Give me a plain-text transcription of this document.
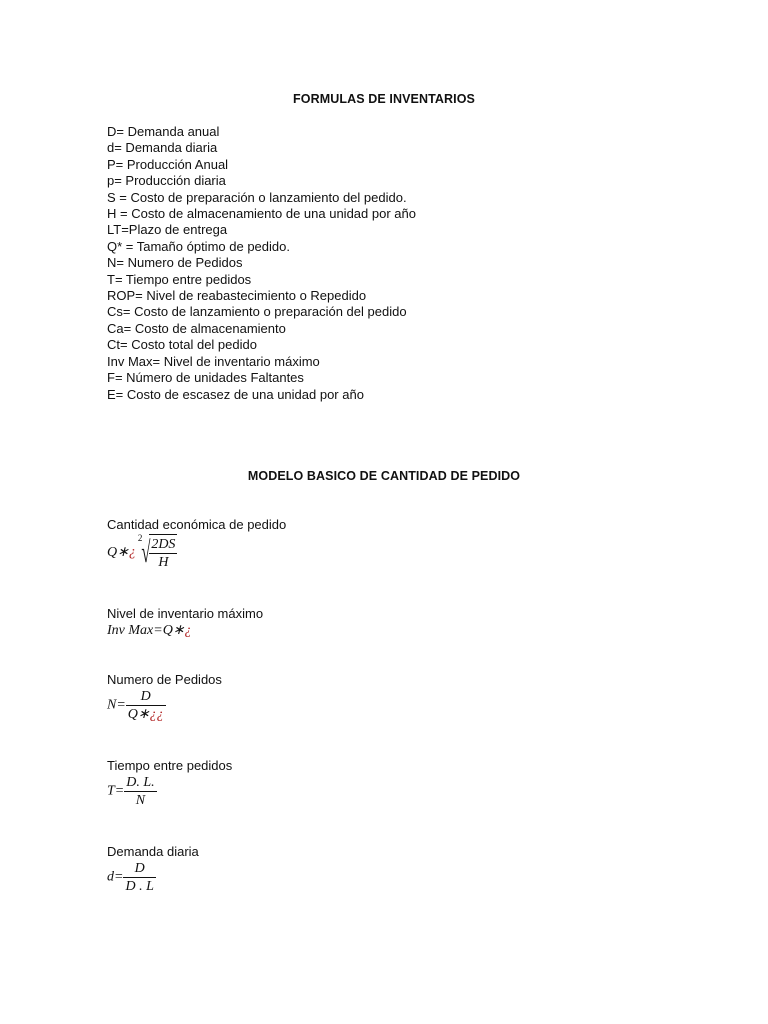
FORMULAS DE INVENTARIOS
D= Demanda anual
d= Demanda diaria
P= Producción Anual
p= Producción diaria
S = Costo de preparación o lanzamiento del pedido.
H = Costo de almacenamiento de una unidad por año
LT=Plazo de entrega
Q* = Tamaño óptimo de pedido.
N= Numero de Pedidos
T= Tiempo entre pedidos
ROP= Nivel de reabastecimiento o Repedido
Cs= Costo de lanzamiento o preparación del pedido
Ca= Costo de almacenamiento
Ct= Costo total del pedido
Inv Max= Nivel de inventario máximo
F= Número de unidades Faltantes
E= Costo de escasez de una unidad por año
MODELO BASICO DE CANTIDAD DE PEDIDO
Cantidad económica de pedido
Q∗¿
2
√ $\frac{2DS}{H}$
Nivel de inventario máximo
Inv Max=Q∗¿
Numero de Pedidos
$N= \frac{D}{Q∗¿¿}$
Tiempo entre pedidos
$T= \frac{D. L.}{N}$
Demanda diaria
$d= \frac{D}{D . L}$
